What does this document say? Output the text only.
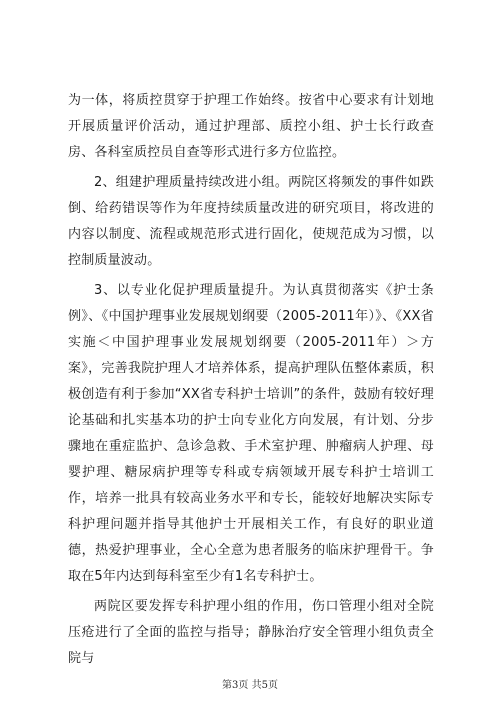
为一体，将质控贯穿于护理工作始终。按省中心要求有计划地开展质量评价活动，通过护理部、质控小组、护士长行政查房、各科室质控员自查等形式进行多方位监控。

2、组建护理质量持续改进小组。两院区将频发的事件如跌倒、给药错误等作为年度持续质量改进的研究项目，将改进的内容以制度、流程或规范形式进行固化，使规范成为习惯，以控制质量波动。

3、以专业化促护理质量提升。为认真贯彻落实《护士条例》、《中国护理事业发展规划纲要（2005-2011年）》、《XX省实施＜中国护理事业发展规划纲要（2005-2011年）＞方案》，完善我院护理人才培养体系，提高护理队伍整体素质，积极创造有利于参加“XX省专科护士培训”的条件，鼓励有较好理论基础和扎实基本功的护士向专业化方向发展，有计划、分步骤地在重症监护、急诊急救、手术室护理、肿瘤病人护理、母婴护理、糖尿病护理等专科或专病领域开展专科护士培训工作，培养一批具有较高业务水平和专长，能较好地解决实际专科护理问题并指导其他护士开展相关工作，有良好的职业道德，热爱护理事业，全心全意为患者服务的临床护理骨干。争取在5年内达到每科室至少有1名专科护士。

两院区要发挥专科护理小组的作用，伤口管理小组对全院压疮进行了全面的监控与指导；静脉治疗安全管理小组负责全院与

第3页 共5页
